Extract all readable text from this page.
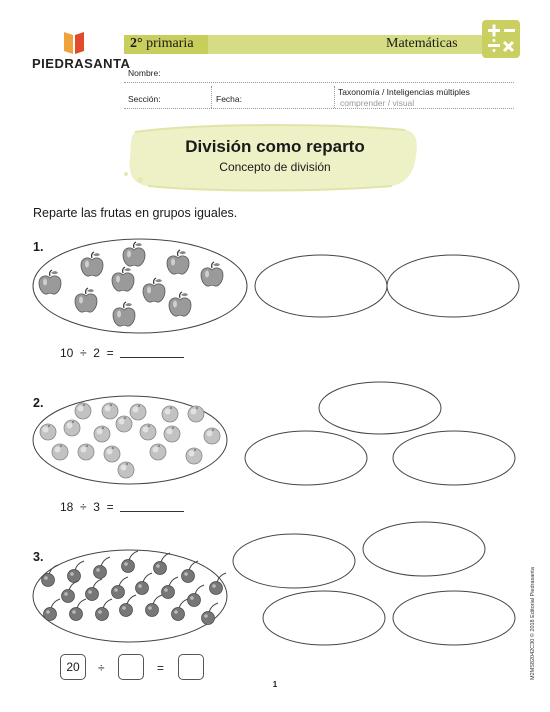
PIEDRASANTA
2° primaria	Matemáticas
Nombre:
Sección:	Fecha:
Taxonomía / Inteligencias múltiples
comprender / visual
División como reparto
Concepto de división
Reparte las frutas en grupos iguales.
1.
10 ÷ 2 =
2.
18 ÷ 3 =
3.
20	÷	=
1
M2MS82042C30 © 2018 Editorial Piedrasanta
